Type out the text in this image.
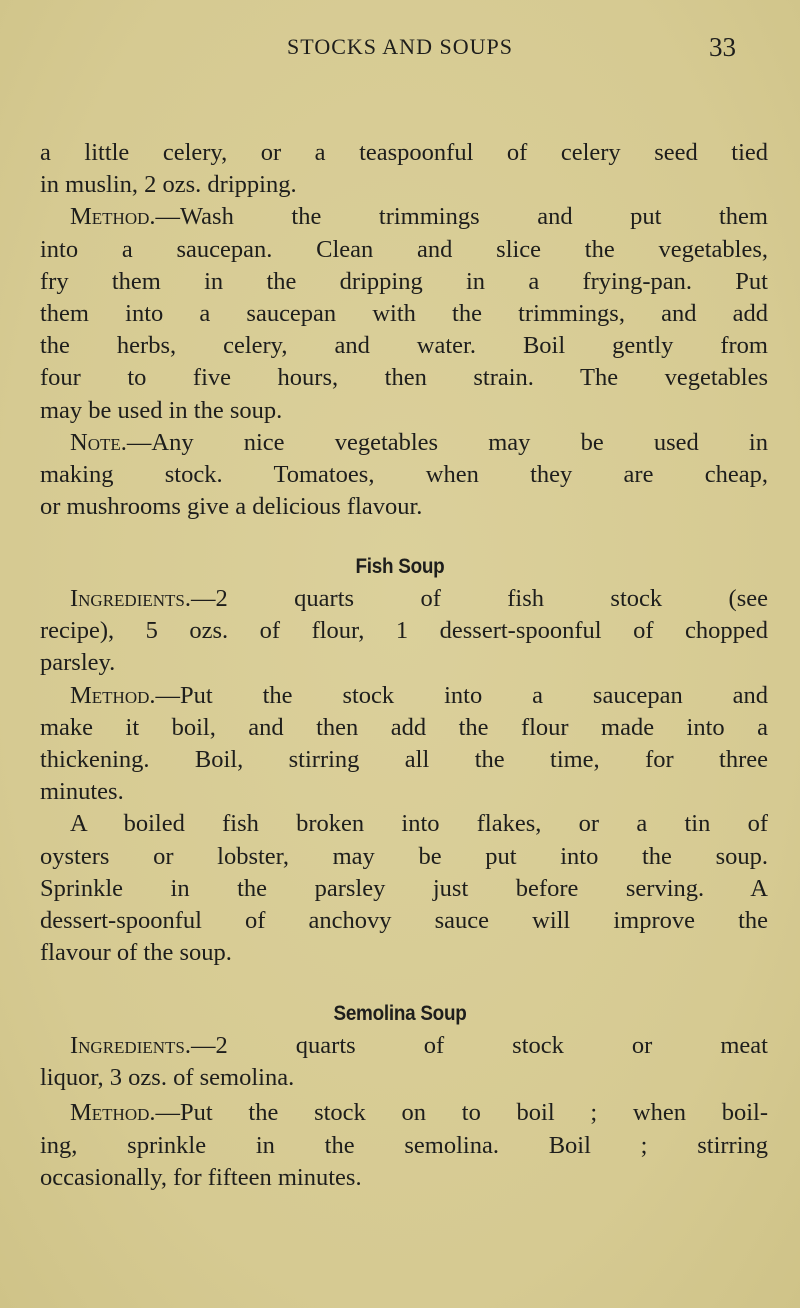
STOCKS AND SOUPS	33
a little celery, or a teaspoonful of celery seed tied
in muslin, 2 ozs. dripping.
Method.—Wash the trimmings and put them
into a saucepan. Clean and slice the vegetables,
fry them in the dripping in a frying-pan. Put
them into a saucepan with the trimmings, and add
the herbs, celery, and water. Boil gently from
four to five hours, then strain. The vegetables
may be used in the soup.
Note.—Any nice vegetables may be used in
making stock. Tomatoes, when they are cheap,
or mushrooms give a delicious flavour.
Fish Soup
Ingredients.—2 quarts of fish stock (see
recipe), 5 ozs. of flour, 1 dessert-spoonful of chopped
parsley.
Method.—Put the stock into a saucepan and
make it boil, and then add the flour made into a
thickening. Boil, stirring all the time, for three
minutes.
A boiled fish broken into flakes, or a tin of
oysters or lobster, may be put into the soup.
Sprinkle in the parsley just before serving. A
dessert-spoonful of anchovy sauce will improve the
flavour of the soup.
Semolina Soup
Ingredients.—2 quarts of stock or meat
liquor, 3 ozs. of semolina.
Method.—Put the stock on to boil ; when boil-
ing, sprinkle in the semolina. Boil ; stirring
occasionally, for fifteen minutes.
